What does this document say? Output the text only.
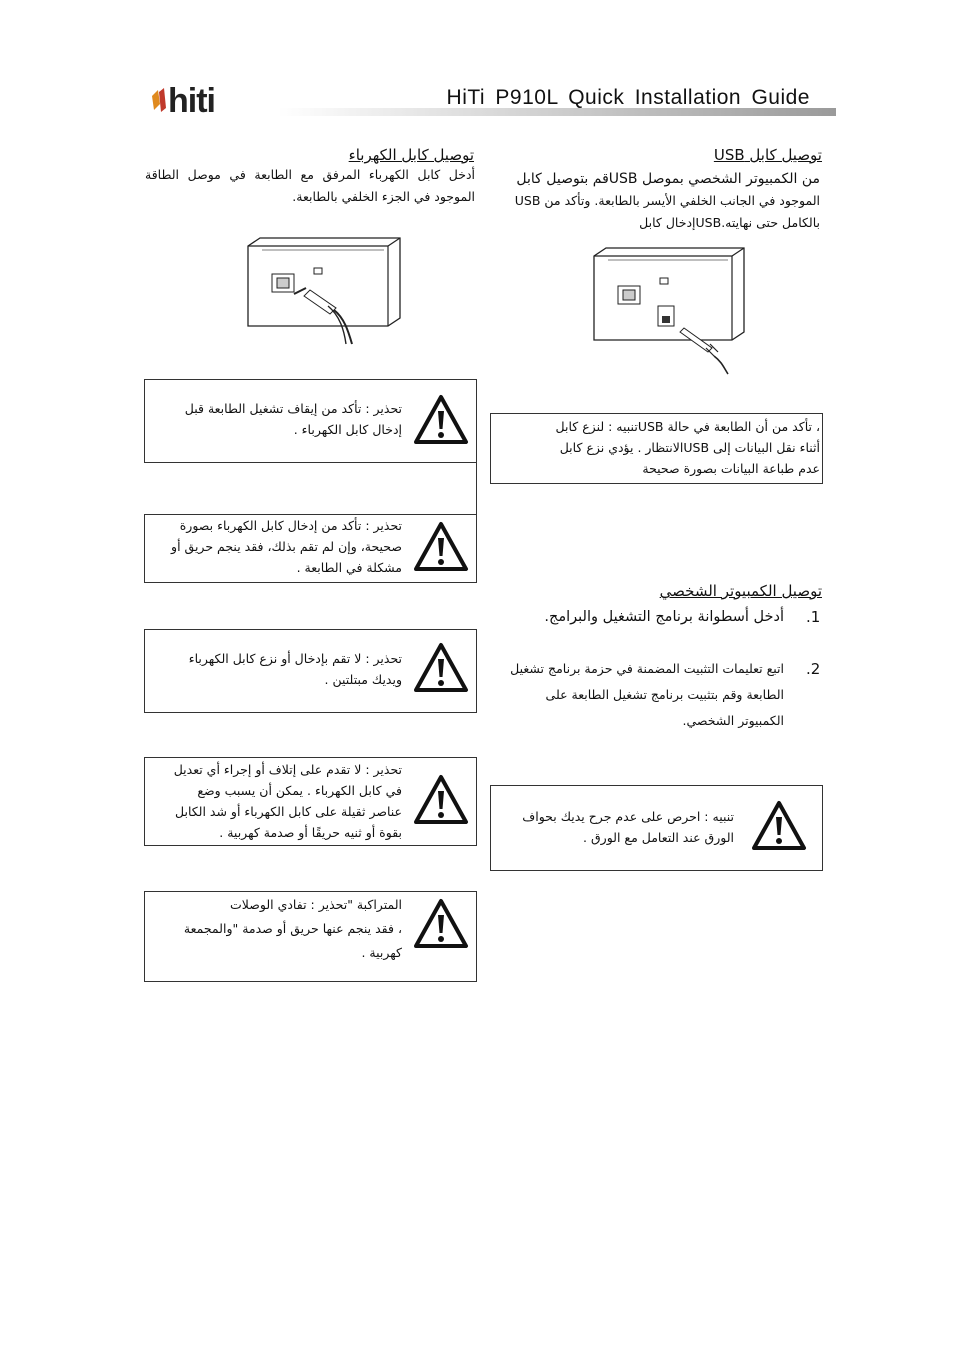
hiti	HiTi P910L Quick Installation Guide
توصيل كابل USB
من الكمبيوتر الشخصي بموصل USBقم بتوصيل كابل
الموجود في الجانب الخلفي الأيسر بالطابعة. وتأكد من USB
بالكامل حتى نهايته.USBإدخال كابل
، تأكد من أن الطابعة في حالة USBتنبيه : لنزع كابل
أثناء نقل البيانات إلى USBالانتظار . يؤدي نزع كابل
عدم طباعة البيانات بصورة صحيحة
توصيل الكمبيوتر الشخصي
.1
أدخل أسطوانة برنامج التشغيل والبرامج.
.2
اتبع تعليمات التثبيت المضمنة في حزمة برنامج تشغيل
الطابعة وقم بتثبيت برنامج تشغيل الطابعة على
الكمبيوتر الشخصي.
تنبيه : احرص على عدم جرح يديك بحواف
الورق عند التعامل مع الورق .
توصيل كابل الكهرباء
أدخل كابل الكهرباء المرفق مع الطابعة في موصل الطاقة الموجود في الجزء الخلفي بالطابعة.
تحذير : تأكد من إيقاف تشغيل الطابعة قبل
إدخال كابل الكهرباء .
تحذير : تأكد من إدخال كابل الكهرباء بصورة
صحيحة، وإن لم تقم بذلك، فقد ينجم حريق أو
مشكلة في الطابعة .
تحذير : لا تقم بإدخال أو نزع كابل الكهرباء
ويديك مبتلتين .
تحذير : لا تقدم على إتلاف أو إجراء أي تعديل
في كابل الكهرباء . يمكن أن يسبب وضع
عناصر ثقيلة على كابل الكهرباء أو شد الكابل
بقوة أو ثنيه حريقًا أو صدمة كهربية .
المتراكبة "تحذير : تفادي الوصلات
، فقد ينجم عنها حريق أو صدمة "والمجمعة
كهربية .
